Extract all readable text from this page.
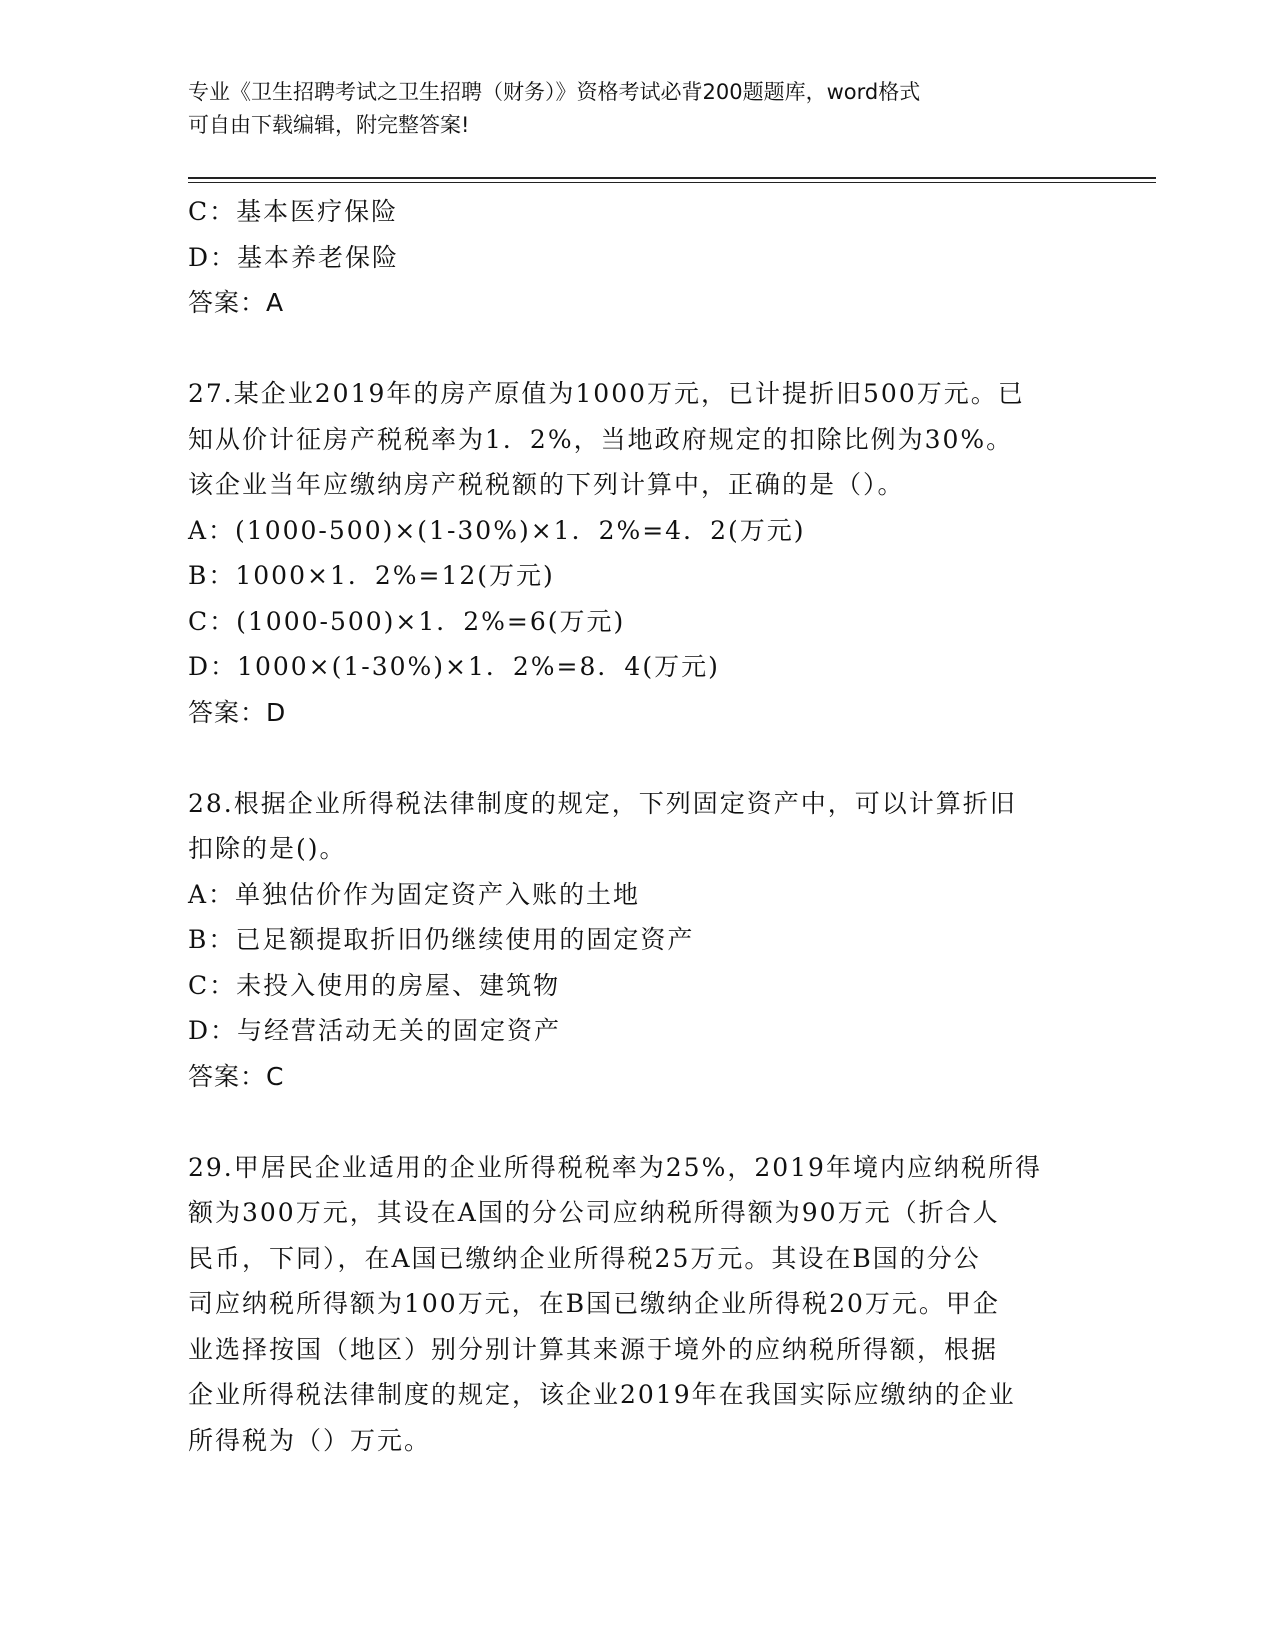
专业《卫生招聘考试之卫生招聘（财务）》资格考试必背200题题库，word格式
可自由下载编辑，附完整答案!
C：基本医疗保险
D：基本养老保险
答案：A
27.某企业2019年的房产原值为1000万元，已计提折旧500万元。已
知从价计征房产税税率为1．2%，当地政府规定的扣除比例为30%。
该企业当年应缴纳房产税税额的下列计算中，正确的是（）。
A：(1000-500)×(1-30%)×1．2%=4．2(万元)
B：1000×1．2%=12(万元)
C：(1000-500)×1．2%=6(万元)
D：1000×(1-30%)×1．2%=8．4(万元)
答案：D
28.根据企业所得税法律制度的规定，下列固定资产中，可以计算折旧
扣除的是()。
A：单独估价作为固定资产入账的土地
B：已足额提取折旧仍继续使用的固定资产
C：未投入使用的房屋、建筑物
D：与经营活动无关的固定资产
答案：C
29.甲居民企业适用的企业所得税税率为25%，2019年境内应纳税所得
额为300万元，其设在A国的分公司应纳税所得额为90万元（折合人
民币，下同），在A国已缴纳企业所得税25万元。其设在B国的分公
司应纳税所得额为100万元，在B国已缴纳企业所得税20万元。甲企
业选择按国（地区）别分别计算其来源于境外的应纳税所得额，根据
企业所得税法律制度的规定，该企业2019年在我国实际应缴纳的企业
所得税为（）万元。
